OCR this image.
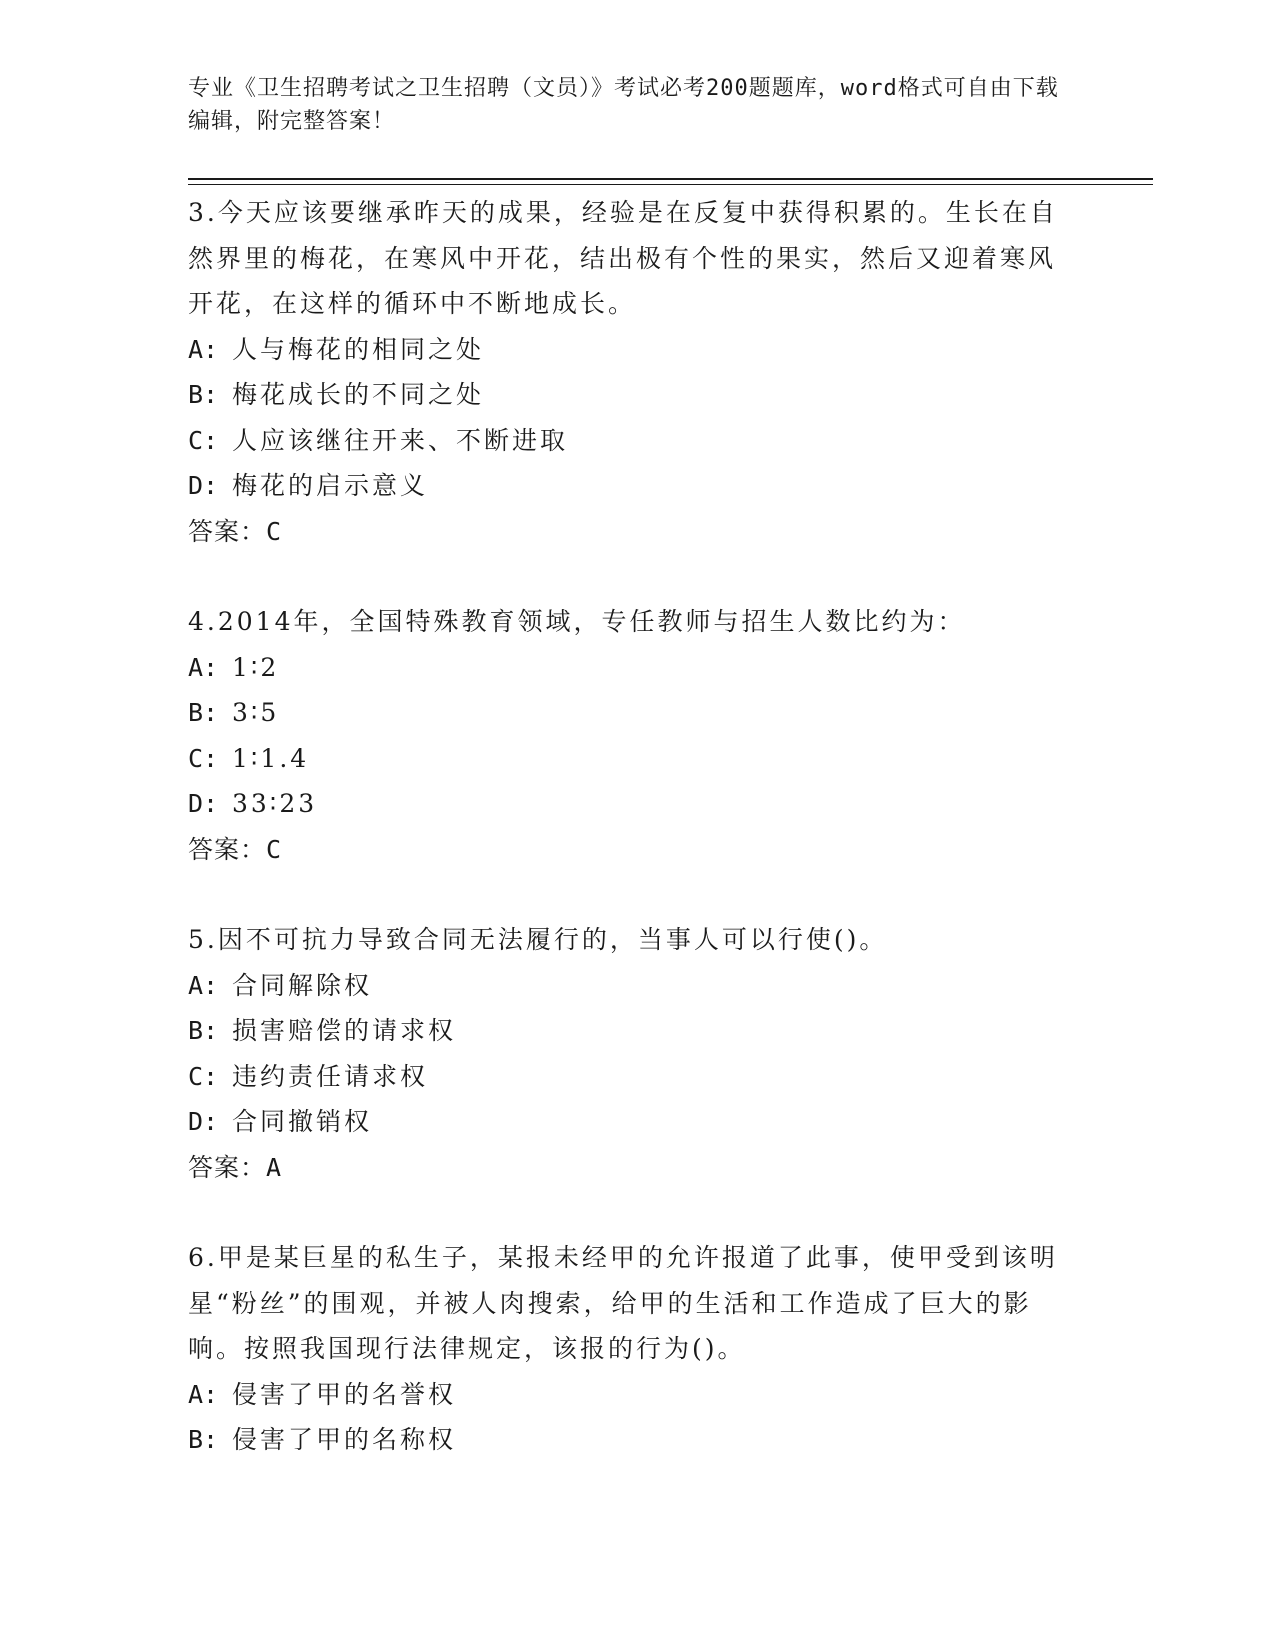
专业《卫生招聘考试之卫生招聘（文员）》考试必考200题题库，word格式可自由下载编辑，附完整答案！
3.今天应该要继承昨天的成果，经验是在反复中获得积累的。生长在自然界里的梅花，在寒风中开花，结出极有个性的果实，然后又迎着寒风开花，在这样的循环中不断地成长。
A: 人与梅花的相同之处
B: 梅花成长的不同之处
C: 人应该继往开来、不断进取
D: 梅花的启示意义
答案：C
4.2014年，全国特殊教育领域，专任教师与招生人数比约为：
A: 1∶2
B: 3∶5
C: 1∶1.4
D: 33∶23
答案：C
5.因不可抗力导致合同无法履行的，当事人可以行使()。
A: 合同解除权
B: 损害赔偿的请求权
C: 违约责任请求权
D: 合同撤销权
答案：A
6.甲是某巨星的私生子，某报未经甲的允许报道了此事，使甲受到该明星“粉丝”的围观，并被人肉搜索，给甲的生活和工作造成了巨大的影响。按照我国现行法律规定，该报的行为()。
A: 侵害了甲的名誉权
B: 侵害了甲的名称权
